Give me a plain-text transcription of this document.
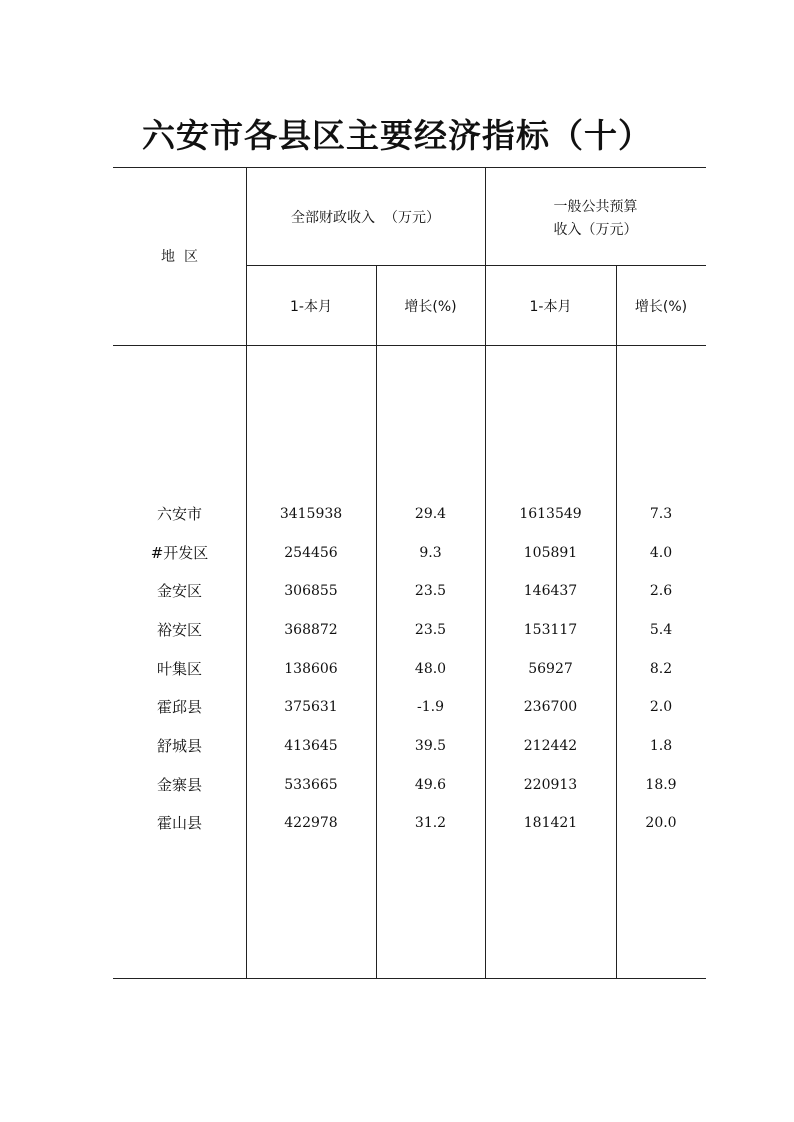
六安市各县区主要经济指标（十）
地  区
全部财政收入  （万元）
一般公共预算
收入（万元）
1-本月	增长(%)	1-本月	增长(%)
六安市	3415938	29.4	1613549	7.3
#开发区	254456	9.3	105891	4.0
金安区	306855	23.5	146437	2.6
裕安区	368872	23.5	153117	5.4
叶集区	138606	48.0	56927	8.2
霍邱县	375631	-1.9	236700	2.0
舒城县	413645	39.5	212442	1.8
金寨县	533665	49.6	220913	18.9
霍山县	422978	31.2	181421	20.0
